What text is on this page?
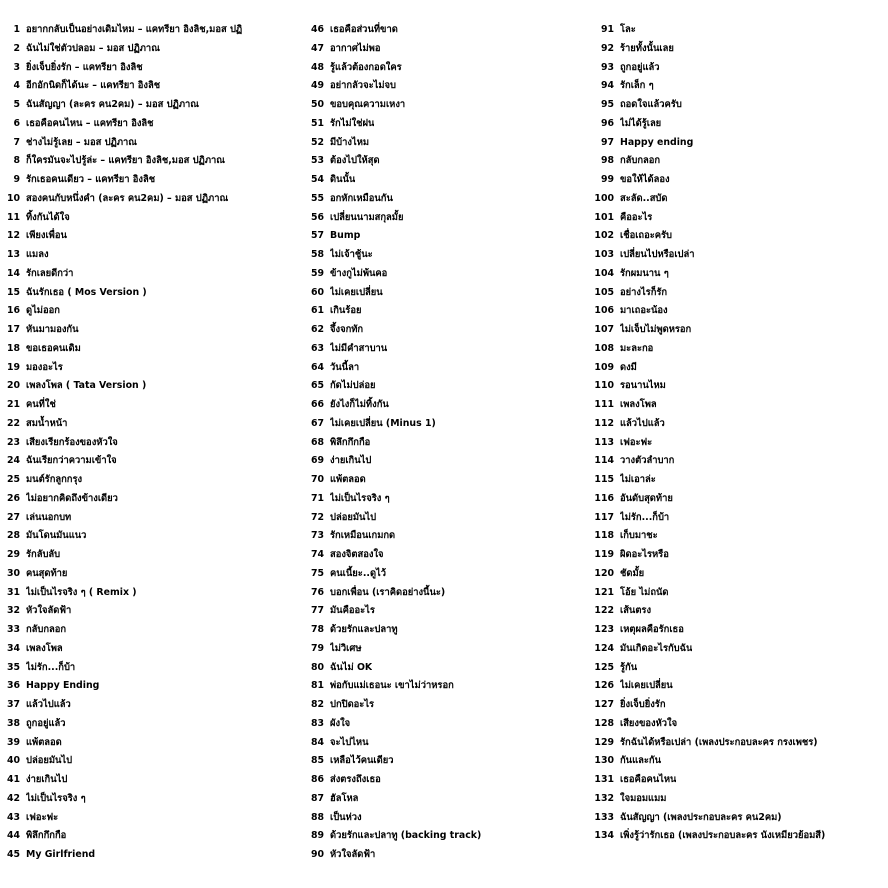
1 อยากกลับเป็นอย่างเดิมไหม – แคทรียา อิงลิช,มอส ปฏิ
2 ฉันไม่ใช่ตัวปลอม – มอส ปฏิภาณ
3 ยิ่งเจ็บยิ่งรัก – แคทรียา อิงลิช
4 อีกอักนิดก็ได้นะ – แคทรียา อิงลิช
5 ฉันสัญญา (ละคร คน2คม) – มอส ปฏิภาณ
6 เธอคือคนไหน – แคทรียา อิงลิช
7 ช่างไม่รู้เลย – มอส ปฏิภาณ
8 ก็ใครมันจะไปรู้ล่ะ – แคทรียา อิงลิช,มอส ปฏิภาณ
9 รักเธอคนเดียว – แคทรียา อิงลิช
10 สองคนกับหนึ่งคำ (ละคร คน2คม) – มอส ปฏิภาณ
11 ทิ้งกันได้ใจ
12 เพียงเพื่อน
13 แมลง
14 รักเลยดีกว่า
15 ฉันรักเธอ ( Mos Version )
16 ดูไม่ออก
17 หันมามองกัน
18 ขอเธอคนเดิม
19 มองอะไร
20 เพลงโพล ( Tata Version )
21 คนที่ใช่
22 สมน้ำหน้า
23 เสียงเรียกร้องของหัวใจ
24 ฉันเรียกว่าความเข้าใจ
25 มนต์รักลูกกรุง
26 ไม่อยากคิดถึงข้างเดียว
27 เล่นนอกบท
28 มันโดนมันแนว
29 รักลับลับ
30 คนสุดท้าย
31 ไม่เป็นไรจริง ๆ ( Remix )
32 หัวใจลัดฟ้า
33 กลับกลอก
34 เพลงโพล
35 ไม่รัก...ก็บ้า
36 Happy Ending
37 แล้วไปแล้ว
38 ถูกอยู่แล้ว
39 แพ้ตลอด
40 ปล่อยมันไป
41 ง่ายเกินไป
42 ไม่เป็นไรจริง ๆ
43 เฟอะฟะ
44 พิลึกกึกกือ
45 My Girlfriend
46 เธอคือส่วนที่ขาด
47 อากาศไม่พอ
48 รู้แล้วต้องกอดใคร
49 อย่ากลัวจะไม่จบ
50 ขอบคุณความเหงา
51 รักไม่ใช่ฝน
52 มีบ้างไหม
53 ต้องไปให้สุด
54 ดินนั้น
55 อกหักเหมือนกัน
56 เปลี่ยนนามสกุลมั้ย
57 Bump
58 ไม่เจ้าชู้นะ
59 ข้างกูไม่พ้นคอ
60 ไม่เคยเปลี่ยน
61 เกินร้อย
62 จึ้งจกทัก
63 ไม่มีคำสาบาน
64 วันนี้ลา
65 กัดไม่ปล่อย
66 ยังไงก็ไม่ทิ้งกัน
67 ไม่เคยเปลี่ยน (Minus 1)
68 พิลึกกึกกือ
69 ง่ายเกินไป
70 แพ้ตลอด
71 ไม่เป็นไรจริง ๆ
72 ปล่อยมันไป
73 รักเหมือนเกมกด
74 สองจิตสองใจ
75 คนเนี้ยะ..ดูไว้
76 บอกเพื่อน (เราคิดอย่างนี้นะ)
77 มันคืออะไร
78 ด้วยรักและปลาทู
79 ไม่วิเศษ
80 ฉันไม่ OK
81 พ่อกับแม่เธอนะ เขาไม่ว่าหรอก
82 ปกปิดอะไร
83 ผังใจ
84 จะไปไหน
85 เหลือไว้คนเดียว
86 ส่งตรงถึงเธอ
87 ฮัลโหล
88 เป็นห่วง
89 ด้วยรักและปลาทู (backing track)
90 หัวใจลัดฟ้า
91 โละ
92 ร้ายทั้งนั้นเลย
93 ถูกอยู่แล้ว
94 รักเล็ก ๆ
95 ถอดใจแล้วครับ
96 ไม่ได้รู้เลย
97 Happy ending
98 กลับกลอก
99 ขอให้ได้ลอง
100 สะลัด..สบัด
101 คืออะไร
102 เชื่อเถอะครับ
103 เปลี่ยนไปหรือเปล่า
104 รักผมนาน ๆ
105 อย่างไรก็รัก
106 มาเถอะน้อง
107 ไม่เจ็บไม่พูดหรอก
108 มะละกอ
109 ดงมี
110 รอนานไหม
111 เพลงโพล
112 แล้วไปแล้ว
113 เฟอะฟะ
114 วางตัวลำบาก
115 ไม่เอาล่ะ
116 อันดับสุดท้าย
117 ไม่รัก...ก็บ้า
118 เก็บมาชะ
119 ผิดอะไรหรือ
120 ชัดมั้ย
121 โอ้ย ไม่ถนัด
122 เส้นตรง
123 เหตุผลคือรักเธอ
124 มันเกิดอะไรกับฉัน
125 รู้กัน
126 ไม่เคยเปลี่ยน
127 ยิ่งเจ็บยิ่งรัก
128 เสียงของหัวใจ
129 รักฉันได้หรือเปล่า (เพลงประกอบละคร กรงเพชร)
130 กันและกัน
131 เธอคือคนไหน
132 ใจมอมแมม
133 ฉันสัญญา (เพลงประกอบละคร คน2คม)
134 เพิ่งรู้ว่ารักเธอ (เพลงประกอบละคร นังเหมียวย้อมสี)
